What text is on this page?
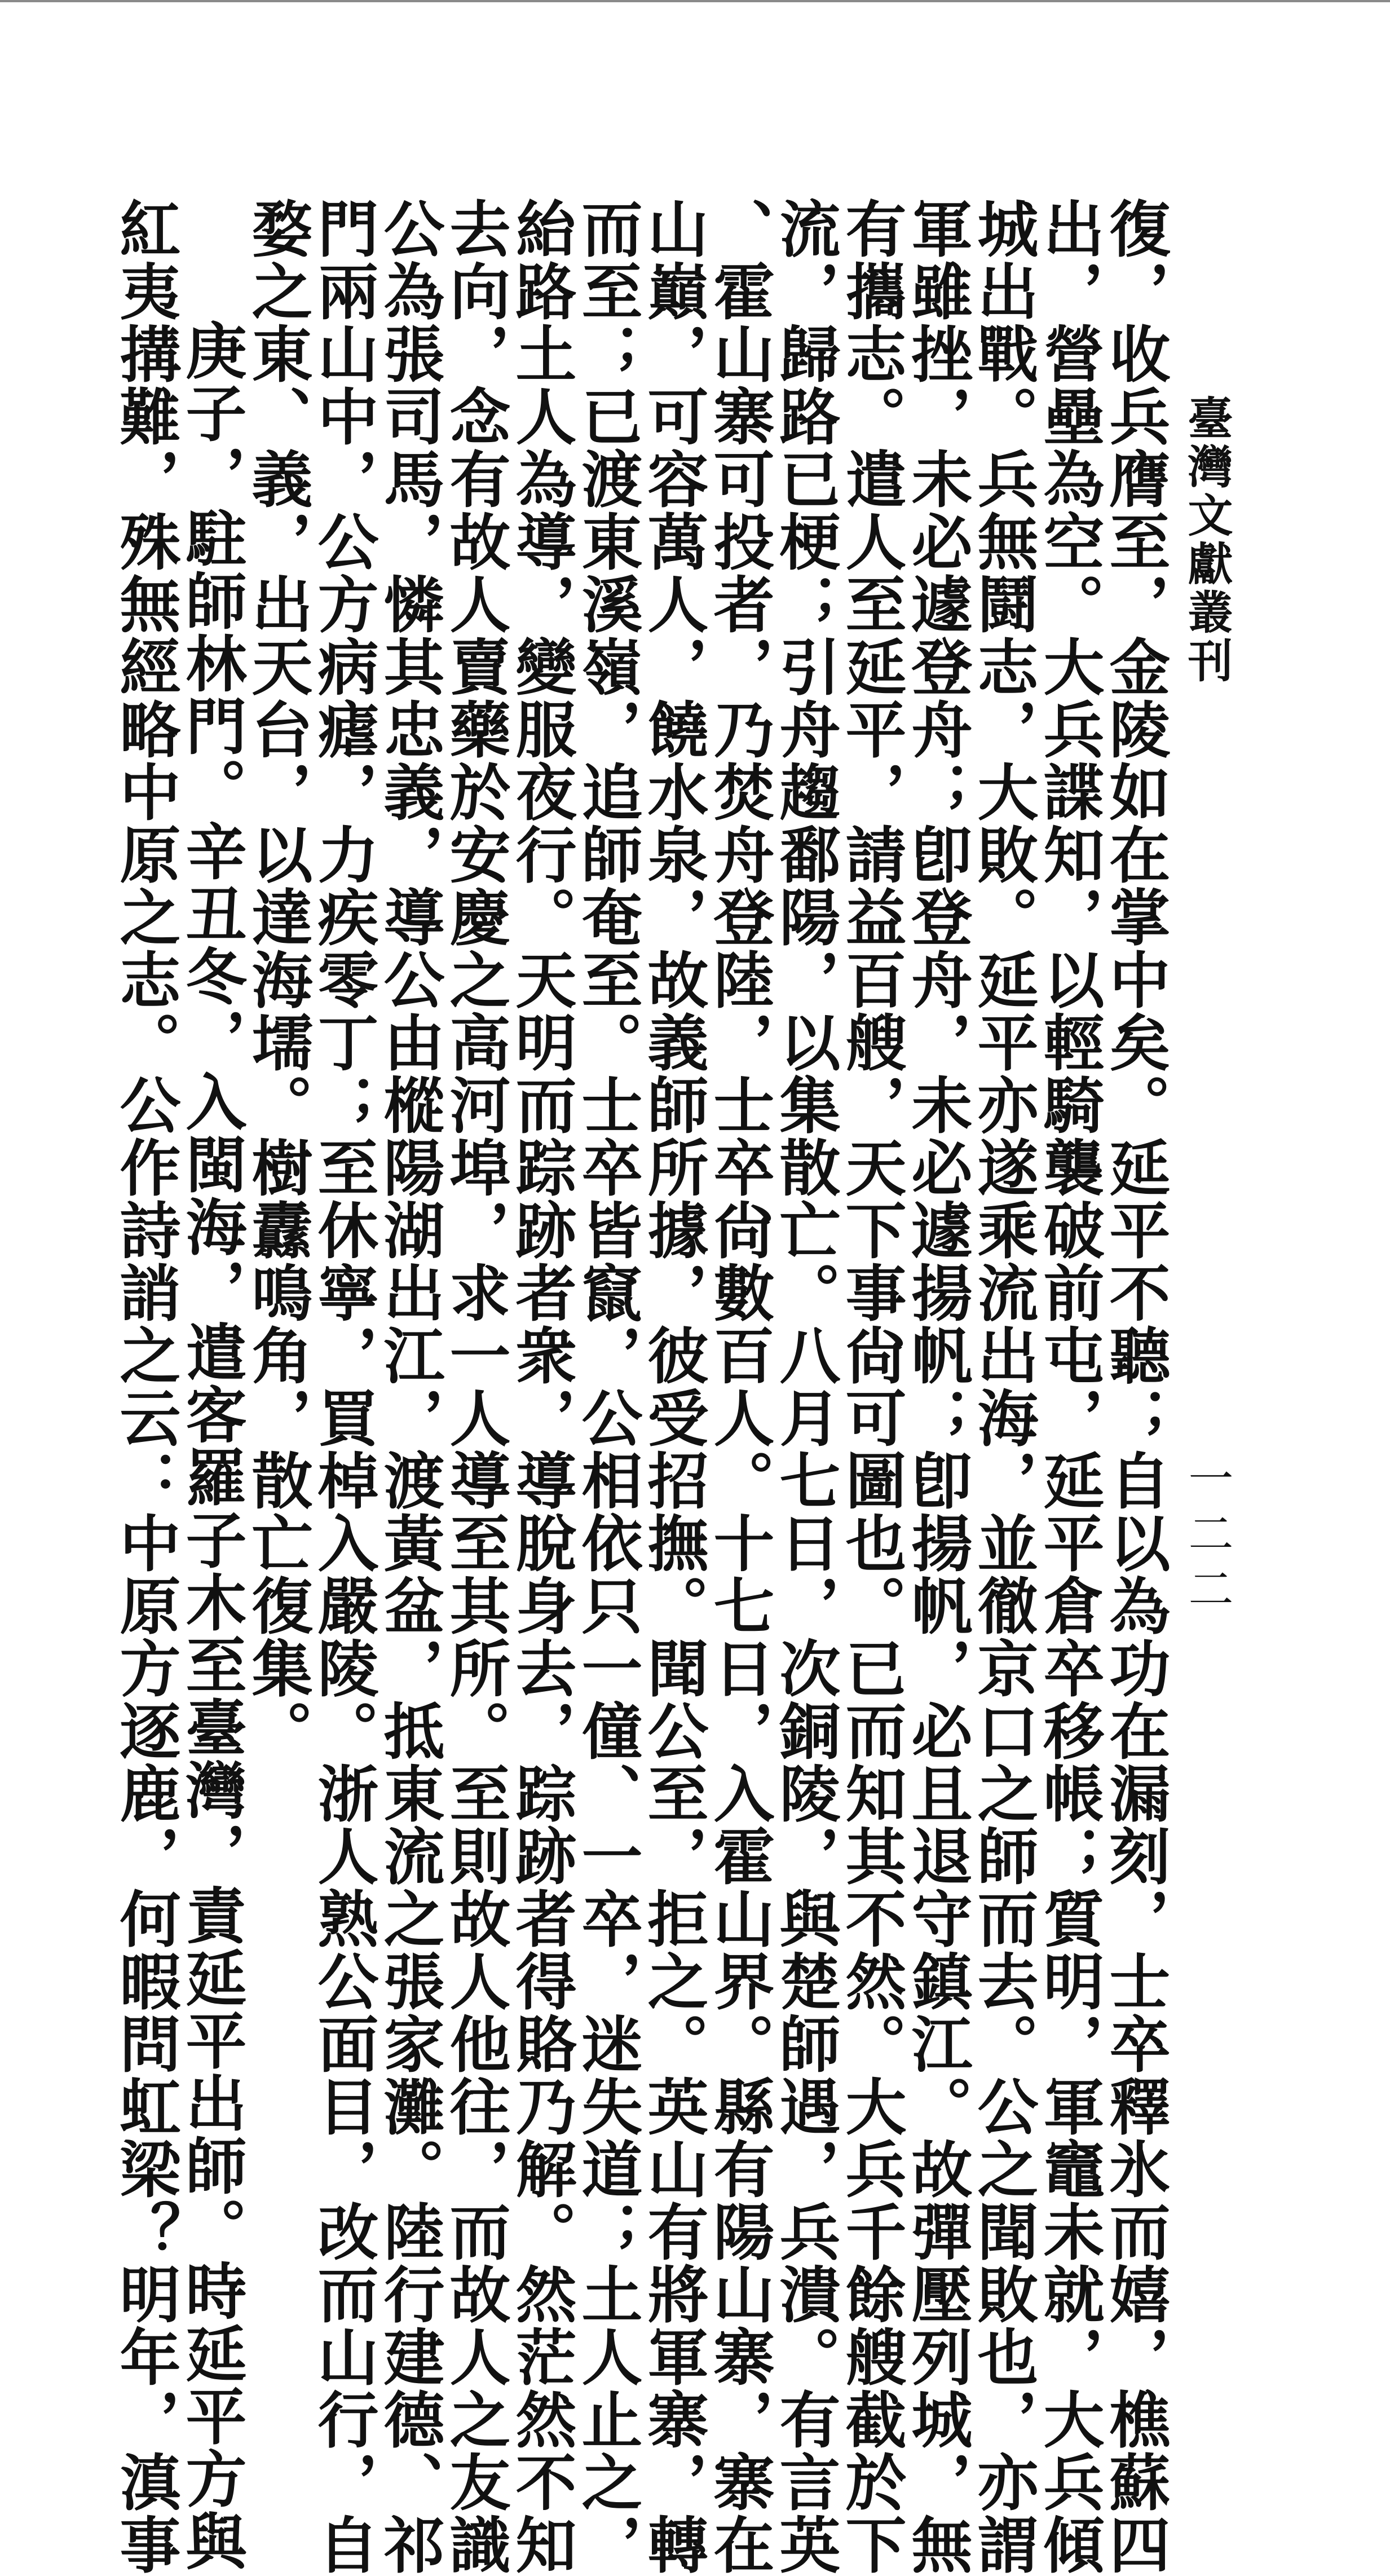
臺灣文獻叢刊
一二二
復，收兵膺至，金陵如在掌中矣。延平不聽；自以為功在漏刻，士卒釋氷而嬉，樵蘇四
出，營壘為空。大兵諜知，以輕騎襲破前屯，延平倉卒移帳；質明，軍竈未就，大兵傾
城出戰。兵無鬪志，大敗。延平亦遂乘流出海，並徹京口之師而去。公之聞敗也，亦謂
軍雖挫，未必遽登舟；卽登舟，未必遽揚帆；卽揚帆，必且退守鎮江。故彈壓列城，無
有攜志。遣人至延平，請益百艘，天下事尙可圖也。已而知其不然。大兵千餘艘截於下
流，歸路已梗；引舟趨鄱陽，以集散亡。八月七日，次銅陵，與楚師遇，兵潰。有言英
、霍山寨可投者，乃焚舟登陸，士卒尙數百人。十七日，入霍山界。縣有陽山寨，寨在
山巔，可容萬人，饒水泉，故義師所據，彼受招撫。聞公至，拒之。英山有將軍寨，轉
而至；已渡東溪嶺，追師奄至。士卒皆竄，公相依只一僮、一卒，迷失道；土人止之，
紿路土人為導，變服夜行。天明而踪跡者衆，導脫身去，踪跡者得賂乃解。然茫然不知
去向，念有故人賣藥於安慶之高河埠，求一人導至其所。至則故人他往，而故人之友識
公為張司馬，憐其忠義，導公由樅陽湖出江，渡黃盆，抵東流之張家灘。陸行建德、祁
門兩山中，公方病瘧，力疾零丁；至休寧，買棹入嚴陵。浙人熟公面目，改而山行，自
婺之東、義，出天台，以達海壖。樹纛鳴角，散亡復集。
庚子，駐師林門。辛丑冬，入閩海，遣客羅子木至臺灣，責延平出師。時延平方與
紅夷搆難，殊無經略中原之志。公作詩誚之云：中原方逐鹿，何暇問虹梁？明年，滇事
